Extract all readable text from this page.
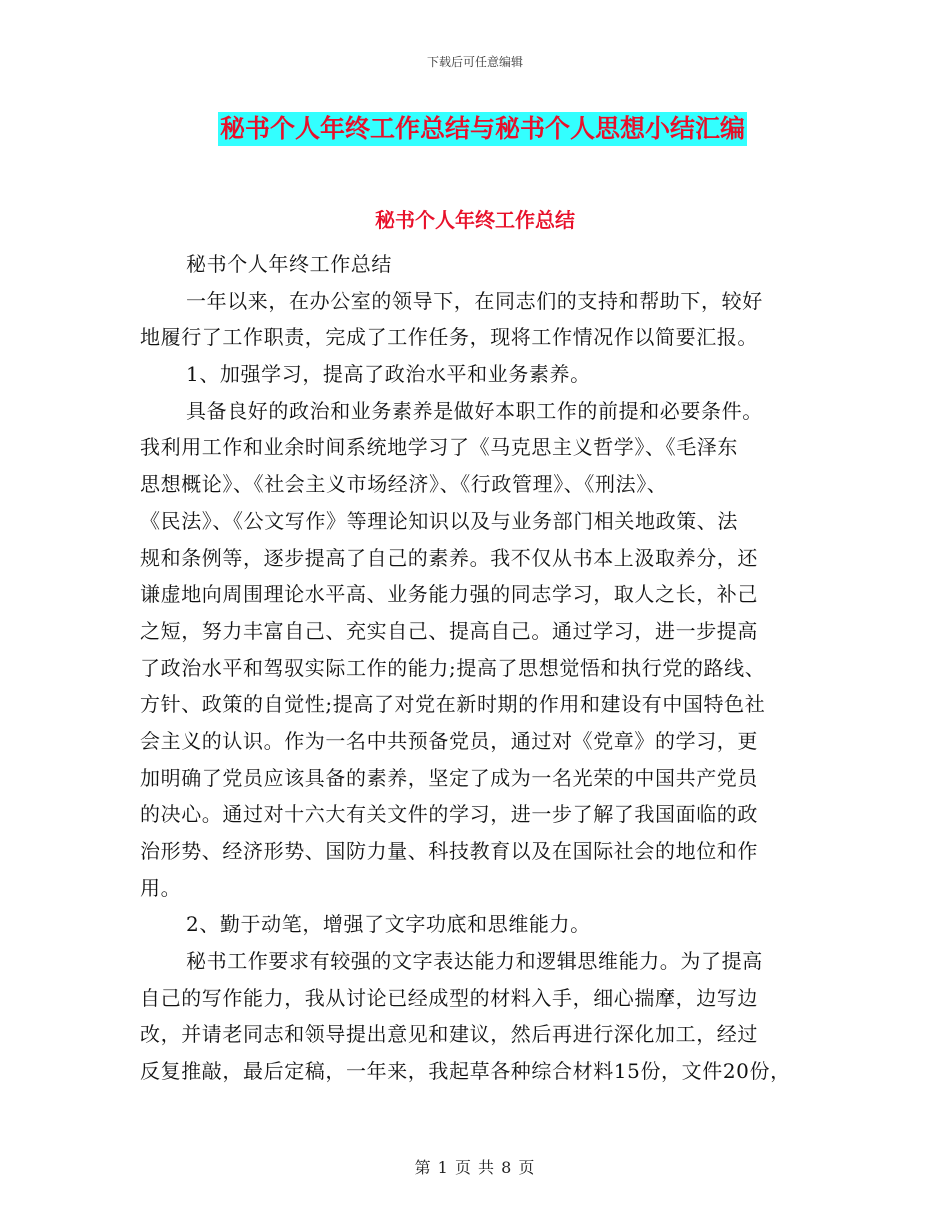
下载后可任意编辑
秘书个人年终工作总结与秘书个人思想小结汇编
秘书个人年终工作总结
秘书个人年终工作总结
一年以来，在办公室的领导下，在同志们的支持和帮助下，较好
地履行了工作职责，完成了工作任务，现将工作情况作以简要汇报。
1、加强学习，提高了政治水平和业务素养。
具备良好的政治和业务素养是做好本职工作的前提和必要条件。
我利用工作和业余时间系统地学习了《马克思主义哲学》、《毛泽东
思想概论》、《社会主义市场经济》、《行政管理》、《刑法》、
《民法》、《公文写作》等理论知识以及与业务部门相关地政策、法
规和条例等，逐步提高了自己的素养。我不仅从书本上汲取养分，还
谦虚地向周围理论水平高、业务能力强的同志学习，取人之长，补己
之短，努力丰富自己、充实自己、提高自己。通过学习，进一步提高
了政治水平和驾驭实际工作的能力;提高了思想觉悟和执行党的路线、
方针、政策的自觉性;提高了对党在新时期的作用和建设有中国特色社
会主义的认识。作为一名中共预备党员，通过对《党章》的学习，更
加明确了党员应该具备的素养，坚定了成为一名光荣的中国共产党员
的决心。通过对十六大有关文件的学习，进一步了解了我国面临的政
治形势、经济形势、国防力量、科技教育以及在国际社会的地位和作
用。
2、勤于动笔，增强了文字功底和思维能力。
秘书工作要求有较强的文字表达能力和逻辑思维能力。为了提高
自己的写作能力，我从讨论已经成型的材料入手，细心揣摩，边写边
改，并请老同志和领导提出意见和建议，然后再进行深化加工，经过
反复推敲，最后定稿，一年来，我起草各种综合材料15份，文件20份，
第 1 页 共 8 页
